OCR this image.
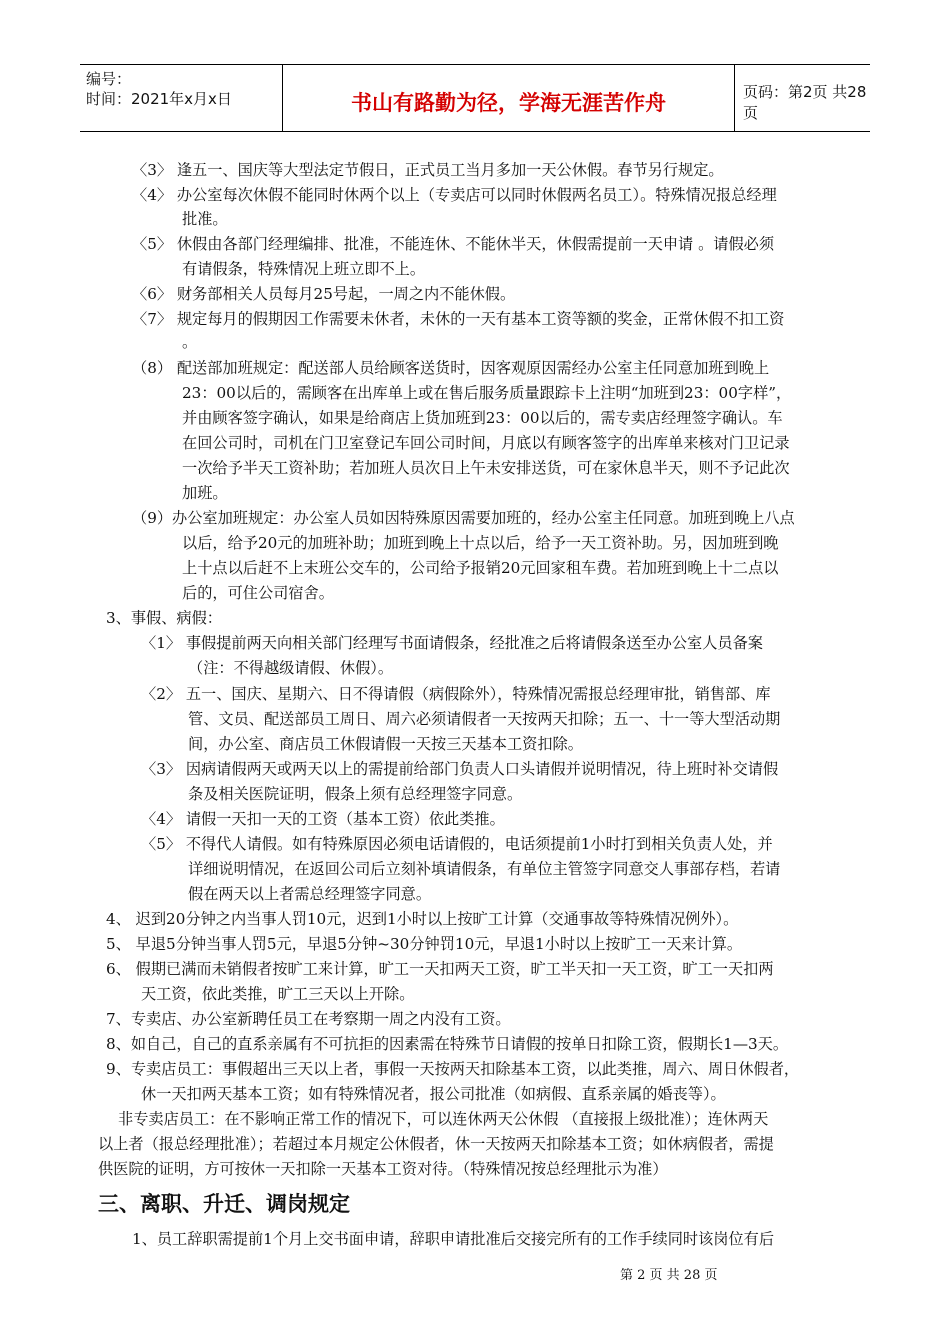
编号：
时间：2021年x月x日	书山有路勤为径，学海无涯苦作舟	页码：第2页 共28页
〈3〉 逢五一、国庆等大型法定节假日，正式员工当月多加一天公休假。春节另行规定。
〈4〉 办公室每次休假不能同时休两个以上（专卖店可以同时休假两名员工）。特殊情况报总经理
批准。
〈5〉 休假由各部门经理编排、批准，不能连休、不能休半天，休假需提前一天申请 。请假必须
有请假条，特殊情况上班立即不上。
〈6〉 财务部相关人员每月25号起，一周之内不能休假。
〈7〉 规定每月的假期因工作需要未休者，未休的一天有基本工资等额的奖金，正常休假不扣工资
。
（8） 配送部加班规定：配送部人员给顾客送货时，因客观原因需经办公室主任同意加班到晚上
23：00以后的，需顾客在出库单上或在售后服务质量跟踪卡上注明“加班到23：00字样”，
并由顾客签字确认，如果是给商店上货加班到23：00以后的，需专卖店经理签字确认。车
在回公司时，司机在门卫室登记车回公司时间，月底以有顾客签字的出库单来核对门卫记录
一次给予半天工资补助；若加班人员次日上午未安排送货，可在家休息半天，则不予记此次
加班。
（9）办公室加班规定：办公室人员如因特殊原因需要加班的，经办公室主任同意。加班到晚上八点
以后，给予20元的加班补助；加班到晚上十点以后，给予一天工资补助。另，因加班到晚
上十点以后赶不上末班公交车的，公司给予报销20元回家租车费。若加班到晚上十二点以
后的，可住公司宿舍。
3、事假、病假：
〈1〉 事假提前两天向相关部门经理写书面请假条，经批准之后将请假条送至办公室人员备案
（注：不得越级请假、休假）。
〈2〉 五一、国庆、星期六、日不得请假（病假除外），特殊情况需报总经理审批，销售部、库
管、文员、配送部员工周日、周六必须请假者一天按两天扣除；五一、十一等大型活动期
间，办公室、商店员工休假请假一天按三天基本工资扣除。
〈3〉 因病请假两天或两天以上的需提前给部门负责人口头请假并说明情况，待上班时补交请假
条及相关医院证明，假条上须有总经理签字同意。
〈4〉 请假一天扣一天的工资（基本工资）依此类推。
〈5〉 不得代人请假。如有特殊原因必须电话请假的，电话须提前1小时打到相关负责人处，并
详细说明情况，在返回公司后立刻补填请假条，有单位主管签字同意交人事部存档，若请
假在两天以上者需总经理签字同意。
4、 迟到20分钟之内当事人罚10元，迟到1小时以上按旷工计算（交通事故等特殊情况例外）。
5、 早退5分钟当事人罚5元，早退5分钟~30分钟罚10元，早退1小时以上按旷工一天来计算。
6、 假期已满而未销假者按旷工来计算，旷工一天扣两天工资，旷工半天扣一天工资，旷工一天扣两
天工资，依此类推，旷工三天以上开除。
7、专卖店、办公室新聘任员工在考察期一周之内没有工资。
8、如自己，自己的直系亲属有不可抗拒的因素需在特殊节日请假的按单日扣除工资，假期长1—3天。
9、专卖店员工：事假超出三天以上者，事假一天按两天扣除基本工资，以此类推，周六、周日休假者，
休一天扣两天基本工资；如有特殊情况者，报公司批准（如病假、直系亲属的婚丧等）。
非专卖店员工：在不影响正常工作的情况下，可以连休两天公休假 （直接报上级批准）；连休两天
以上者（报总经理批准）；若超过本月规定公休假者，休一天按两天扣除基本工资；如休病假者，需提
供医院的证明，方可按休一天扣除一天基本工资对待。（特殊情况按总经理批示为准）
1、员工辞职需提前1个月上交书面申请，辞职申请批准后交接完所有的工作手续同时该岗位有后
三、离职、升迁、调岗规定
第 2 页 共 28 页
